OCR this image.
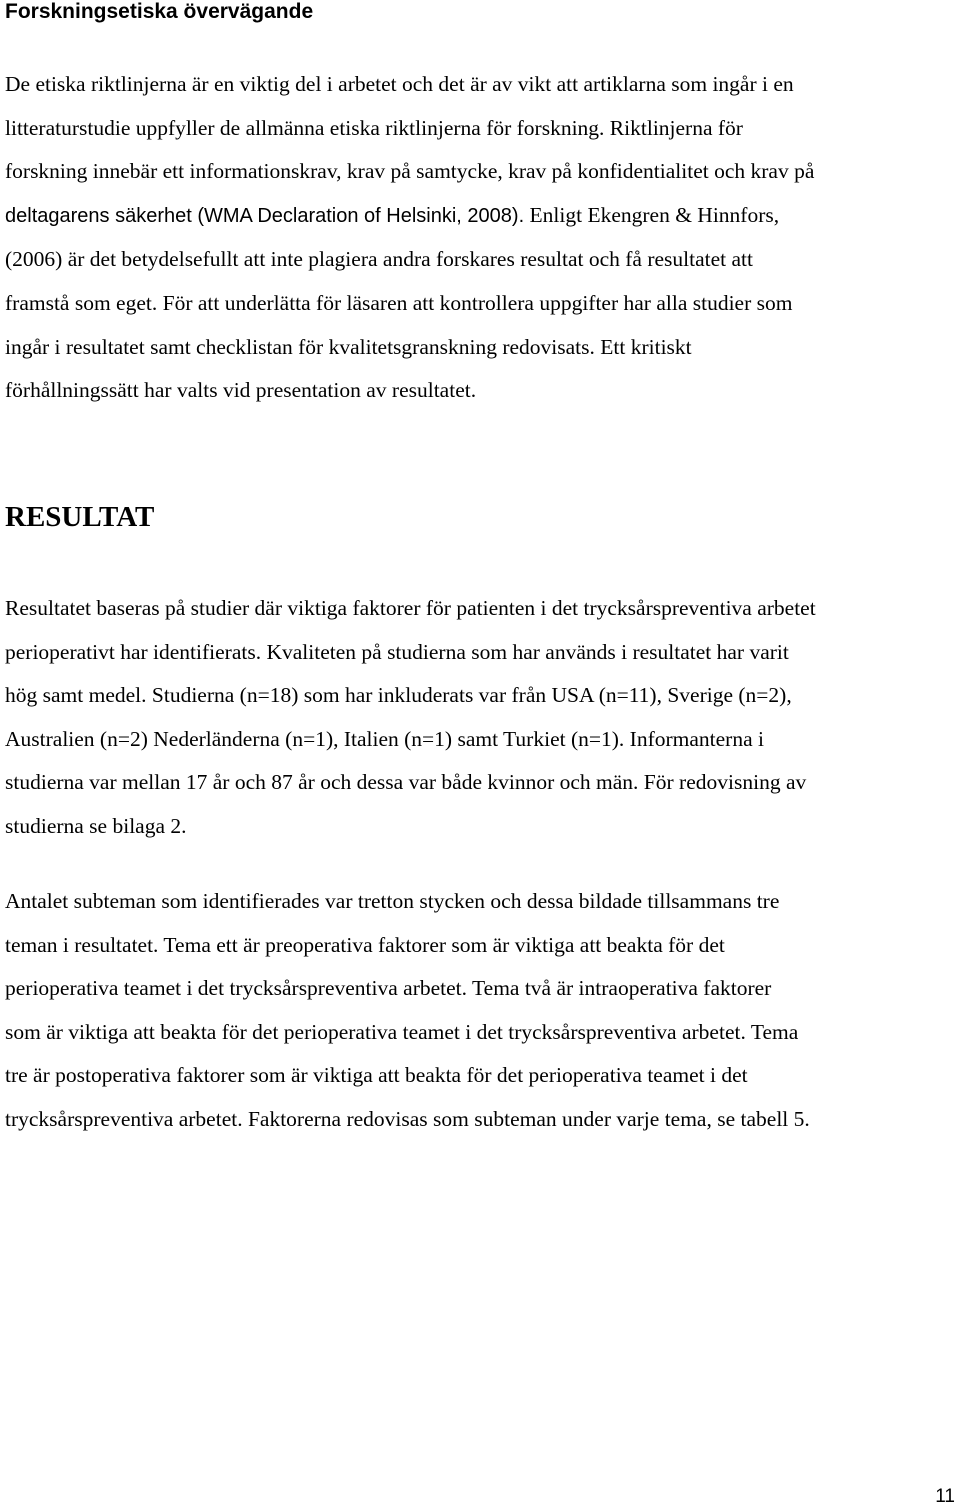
Forskningsetiska övervägande

De etiska riktlinjerna är en viktig del i arbetet och det är av vikt att artiklarna som ingår i en
litteraturstudie uppfyller de allmänna etiska riktlinjerna för forskning. Riktlinjerna för
forskning innebär ett informationskrav, krav på samtycke, krav på konfidentialitet och krav på
deltagarens säkerhet (WMA Declaration of Helsinki, 2008). Enligt Ekengren & Hinnfors,
(2006) är det betydelsefullt att inte plagiera andra forskares resultat och få resultatet att
framstå som eget. För att underlätta för läsaren att kontrollera uppgifter har alla studier som
ingår i resultatet samt checklistan för kvalitetsgranskning redovisats. Ett kritiskt
förhållningssätt har valts vid presentation av resultatet.

RESULTAT

Resultatet baseras på studier där viktiga faktorer för patienten i det trycksårspreventiva arbetet
perioperativt har identifierats. Kvaliteten på studierna som har används i resultatet har varit
hög samt medel. Studierna (n=18) som har inkluderats var från USA (n=11), Sverige (n=2),
Australien (n=2) Nederländerna (n=1), Italien (n=1) samt Turkiet (n=1). Informanterna i
studierna var mellan 17 år och 87 år och dessa var både kvinnor och män. För redovisning av
studierna se bilaga 2.

Antalet subteman som identifierades var tretton stycken och dessa bildade tillsammans tre
teman i resultatet. Tema ett är preoperativa faktorer som är viktiga att beakta för det
perioperativa teamet i det trycksårspreventiva arbetet. Tema två är intraoperativa faktorer
som är viktiga att beakta för det perioperativa teamet i det trycksårspreventiva arbetet. Tema
tre är postoperativa faktorer som är viktiga att beakta för det perioperativa teamet i det
trycksårspreventiva arbetet. Faktorerna redovisas som subteman under varje tema, se tabell 5.

11
